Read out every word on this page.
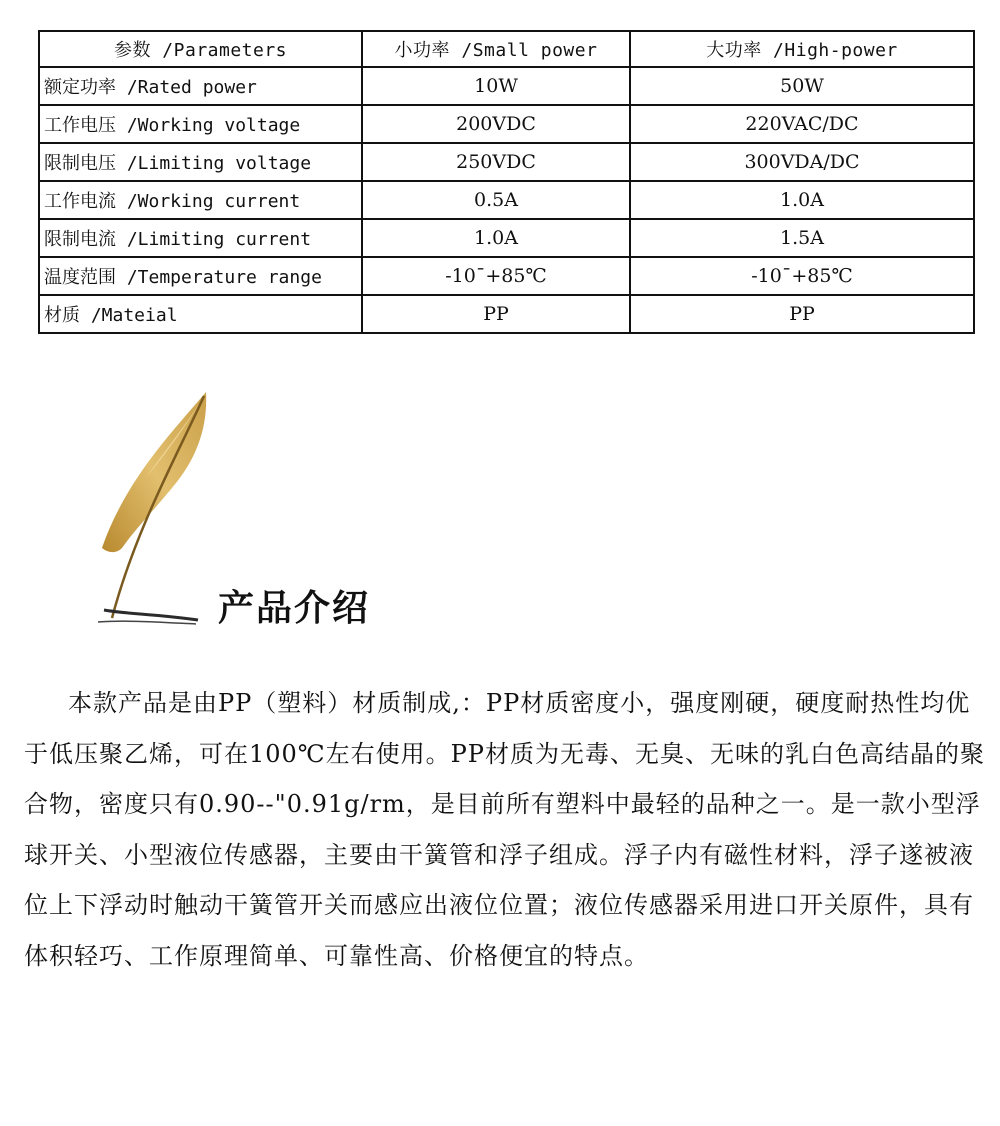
参数 /Parameters	小功率 /Small power	大功率 /High-power
额定功率 /Rated power	10W	50W
工作电压 /Working voltage	200VDC	220VAC/DC
限制电压 /Limiting voltage	250VDC	300VDA/DC
工作电流 /Working current	0.5A	1.0A
限制电流 /Limiting current	1.0A	1.5A
温度范围 /Temperature range	-10¯+85℃	-10¯+85℃
材质 /Mateial	PP	PP
产品介绍

本款产品是由PP（塑料）材质制成,：PP材质密度小，强度刚硬，硬度耐热性均优于低压聚乙烯，可在100℃左右使用。PP材质为无毒、无臭、无味的乳白色高结晶的聚合物，密度只有0.90--"0.91g/rm，是目前所有塑料中最轻的品种之一。是一款小型浮球开关、小型液位传感器，主要由干簧管和浮子组成。浮子内有磁性材料，浮子遂被液位上下浮动时触动干簧管开关而感应出液位位置；液位传感器采用进口开关原件，具有体积轻巧、工作原理简单、可靠性高、价格便宜的特点。
